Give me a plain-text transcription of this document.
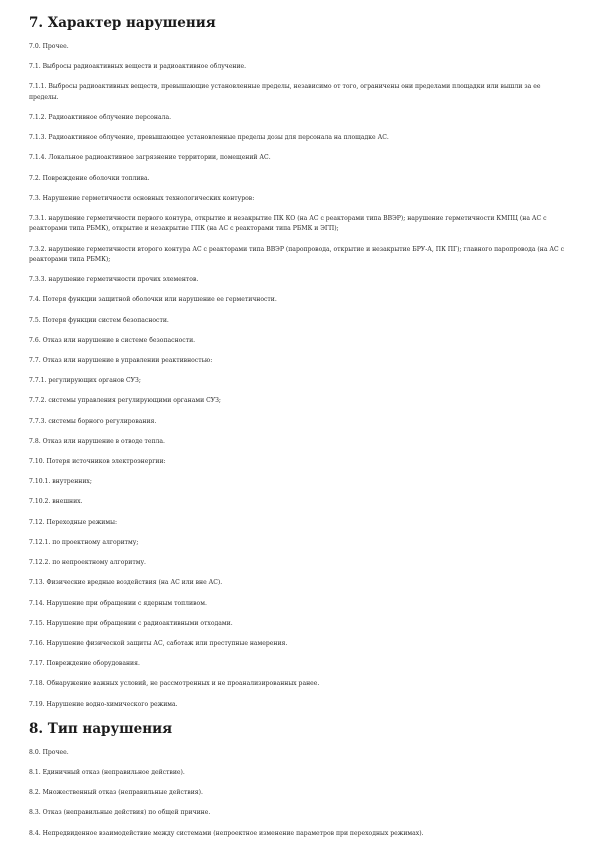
7. Характер нарушения

7.0. Прочее.

7.1. Выбросы радиоактивных веществ и радиоактивное облучение.

7.1.1. Выбросы радиоактивных веществ, превышающие установленные пределы, независимо от того, ограничены они пределами площадки или вышли за ее пределы.

7.1.2. Радиоактивное облучение персонала.

7.1.3. Радиоактивное облучение, превышающее установленные пределы дозы для персонала на площадке АС.

7.1.4. Локальное радиоактивное загрязнение территории, помещений АС.

7.2. Повреждение оболочки топлива.

7.3. Нарушение герметичности основных технологических контуров:

7.3.1. нарушение герметичности первого контура, открытие и незакрытие ПК КО (на АС с реакторами типа ВВЭР); нарушение герметичности КМПЦ (на АС с реакторами типа РБМК), открытие и незакрытие ГПК (на АС с реакторами типа РБМК и ЭГП);

7.3.2. нарушение герметичности второго контура АС с реакторами типа ВВЭР (паропровода, открытие и незакрытие БРУ-А, ПК ПГ); главного паропровода (на АС с реакторами типа РБМК);

7.3.3. нарушение герметичности прочих элементов.

7.4. Потеря функции защитной оболочки или нарушение ее герметичности.

7.5. Потеря функции систем безопасности.

7.6. Отказ или нарушение в системе безопасности.

7.7. Отказ или нарушение в управлении реактивностью:

7.7.1. регулирующих органов СУЗ;

7.7.2. системы управления регулирующими органами СУЗ;

7.7.3. системы борного регулирования.

7.8. Отказ или нарушение в отводе тепла.

7.10. Потеря источников электроэнергии:

7.10.1. внутренних;

7.10.2. внешних.

7.12. Переходные режимы:

7.12.1. по проектному алгоритму;

7.12.2. по непроектному алгоритму.

7.13. Физические вредные воздействия (на АС или вне АС).

7.14. Нарушение при обращении с ядерным топливом.

7.15. Нарушение при обращении с радиоактивными отходами.

7.16. Нарушение физической защиты АС, саботаж или преступные намерения.

7.17. Повреждение оборудования.

7.18. Обнаружение важных условий, не рассмотренных и не проанализированных ранее.

7.19. Нарушение водно-химического режима.

8. Тип нарушения

8.0. Прочее.

8.1. Единичный отказ (неправильное действие).

8.2. Множественный отказ (неправильные действия).

8.3. Отказ (неправильные действия) по общей причине.

8.4. Непредвиденное взаимодействие между системами (непроектное изменение параметров при переходных режимах).
